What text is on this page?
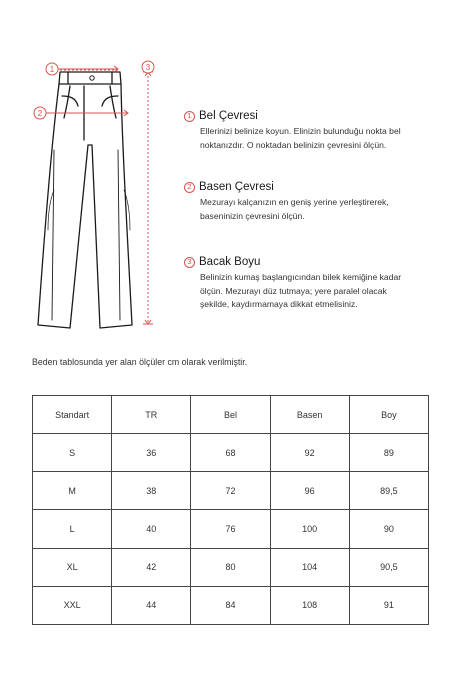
1
2
3
1 Bel Çevresi
Ellerinizi belinize koyun. Elinizin bulunduğu nokta bel
noktanızdır. O noktadan belinizin çevresini ölçün.
2 Basen Çevresi
Mezurayı kalçanızın en geniş yerine yerleştirerek,
baseninizin çevresini ölçün.
3 Bacak Boyu
Belinizin kumaş başlangıcından bilek kemiğine kadar
ölçün. Mezurayı düz tutmaya; yere paralel olacak
şekilde, kaydırmamaya dikkat etmelisiniz.
Beden tablosunda yer alan ölçüler cm olarak verilmiştir.
Standart	TR	Bel	Basen	Boy
S	36	68	92	89
M	38	72	96	89,5
L	40	76	100	90
XL	42	80	104	90,5
XXL	44	84	108	91
